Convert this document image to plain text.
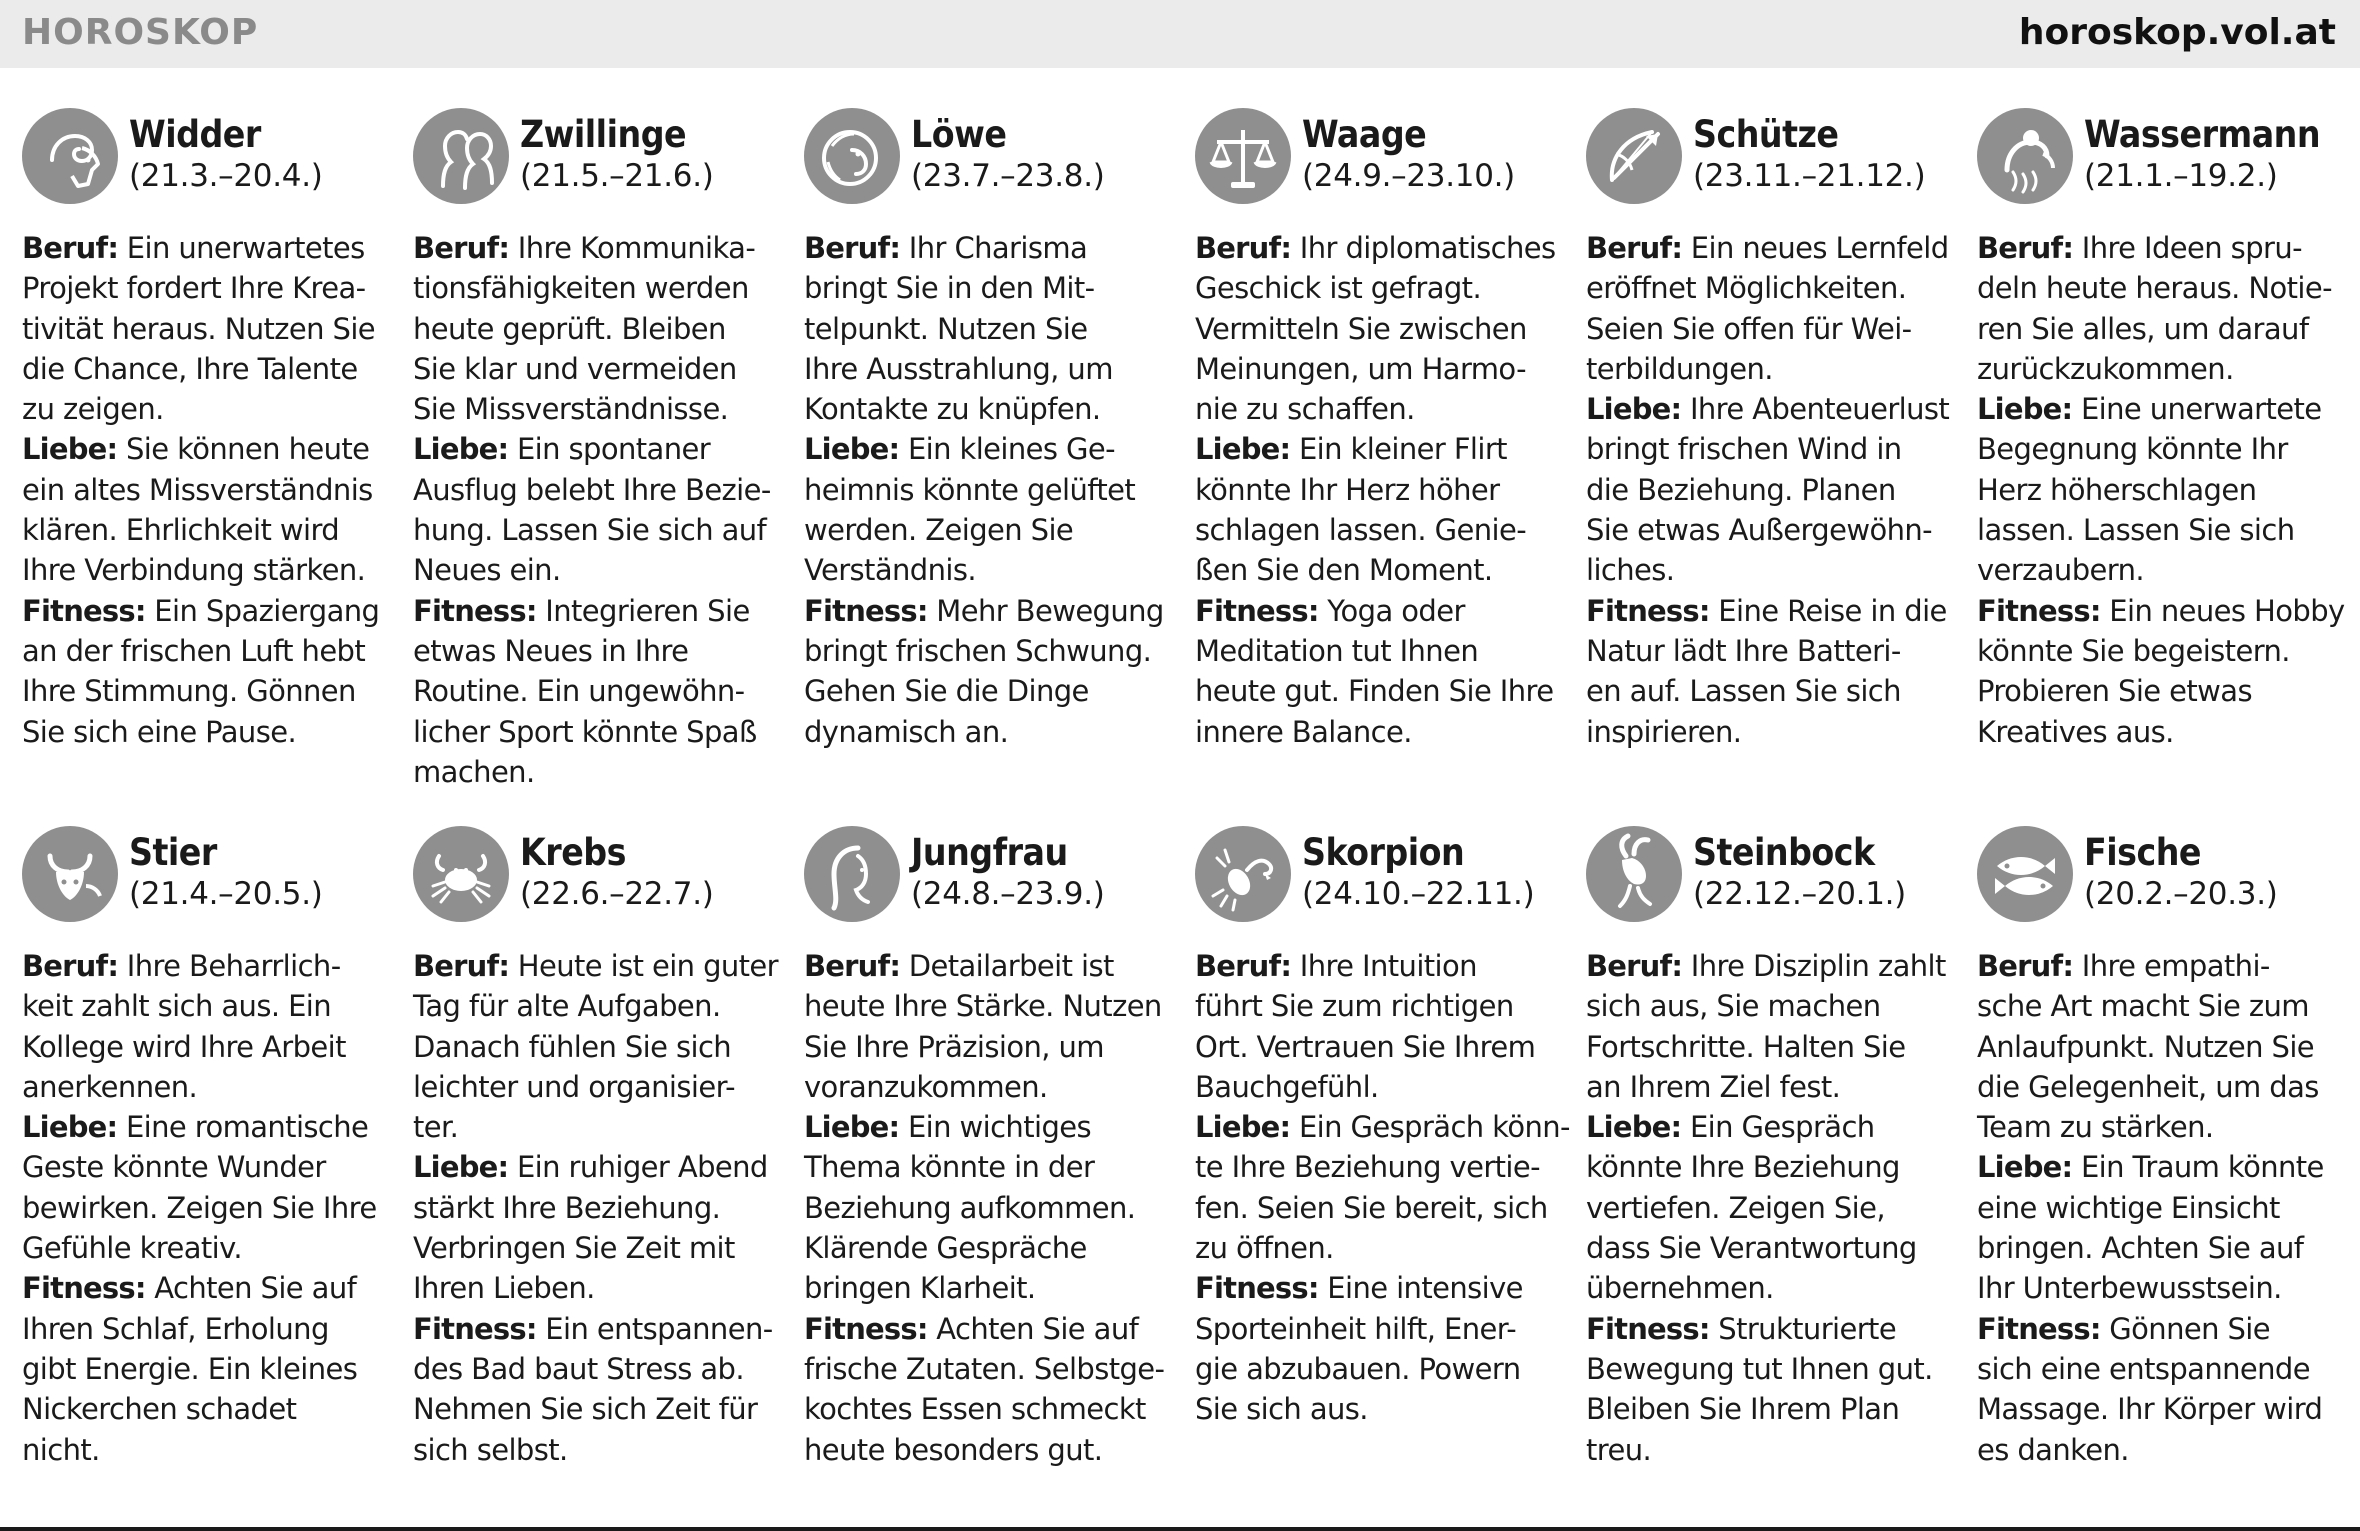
HOROSKOP	horoskop.vol.at
Widder
(21.3.–20.4.)
Beruf: Ein unerwartetes
Projekt fordert Ihre Krea-
tivität heraus. Nutzen Sie
die Chance, Ihre Talente
zu zeigen.
Liebe: Sie können heute
ein altes Missverständnis
klären. Ehrlichkeit wird
Ihre Verbindung stärken.
Fitness: Ein Spaziergang
an der frischen Luft hebt
Ihre Stimmung. Gönnen
Sie sich eine Pause.
Zwillinge
(21.5.–21.6.)
Beruf: Ihre Kommunika-
tionsfähigkeiten werden
heute geprüft. Bleiben
Sie klar und vermeiden
Sie Missverständnisse.
Liebe: Ein spontaner
Ausflug belebt Ihre Bezie-
hung. Lassen Sie sich auf
Neues ein.
Fitness: Integrieren Sie
etwas Neues in Ihre
Routine. Ein ungewöhn-
licher Sport könnte Spaß
machen.
Löwe
(23.7.–23.8.)
Beruf: Ihr Charisma
bringt Sie in den Mit-
telpunkt. Nutzen Sie
Ihre Ausstrahlung, um
Kontakte zu knüpfen.
Liebe: Ein kleines Ge-
heimnis könnte gelüftet
werden. Zeigen Sie
Verständnis.
Fitness: Mehr Bewegung
bringt frischen Schwung.
Gehen Sie die Dinge
dynamisch an.
Waage
(24.9.–23.10.)
Beruf: Ihr diplomatisches
Geschick ist gefragt.
Vermitteln Sie zwischen
Meinungen, um Harmo-
nie zu schaffen.
Liebe: Ein kleiner Flirt
könnte Ihr Herz höher
schlagen lassen. Genie-
ßen Sie den Moment.
Fitness: Yoga oder
Meditation tut Ihnen
heute gut. Finden Sie Ihre
innere Balance.
Schütze
(23.11.–21.12.)
Beruf: Ein neues Lernfeld
eröffnet Möglichkeiten.
Seien Sie offen für Wei-
terbildungen.
Liebe: Ihre Abenteuerlust
bringt frischen Wind in
die Beziehung. Planen
Sie etwas Außergewöhn-
liches.
Fitness: Eine Reise in die
Natur lädt Ihre Batteri-
en auf. Lassen Sie sich
inspirieren.
Wassermann
(21.1.–19.2.)
Beruf: Ihre Ideen spru-
deln heute heraus. Notie-
ren Sie alles, um darauf
zurückzukommen.
Liebe: Eine unerwartete
Begegnung könnte Ihr
Herz höherschlagen
lassen. Lassen Sie sich
verzaubern.
Fitness: Ein neues Hobby
könnte Sie begeistern.
Probieren Sie etwas
Kreatives aus.
Stier
(21.4.–20.5.)
Beruf: Ihre Beharrlich-
keit zahlt sich aus. Ein
Kollege wird Ihre Arbeit
anerkennen.
Liebe: Eine romantische
Geste könnte Wunder
bewirken. Zeigen Sie Ihre
Gefühle kreativ.
Fitness: Achten Sie auf
Ihren Schlaf, Erholung
gibt Energie. Ein kleines
Nickerchen schadet
nicht.
Krebs
(22.6.–22.7.)
Beruf: Heute ist ein guter
Tag für alte Aufgaben.
Danach fühlen Sie sich
leichter und organisier-
ter.
Liebe: Ein ruhiger Abend
stärkt Ihre Beziehung.
Verbringen Sie Zeit mit
Ihren Lieben.
Fitness: Ein entspannen-
des Bad baut Stress ab.
Nehmen Sie sich Zeit für
sich selbst.
Jungfrau
(24.8.–23.9.)
Beruf: Detailarbeit ist
heute Ihre Stärke. Nutzen
Sie Ihre Präzision, um
voranzukommen.
Liebe: Ein wichtiges
Thema könnte in der
Beziehung aufkommen.
Klärende Gespräche
bringen Klarheit.
Fitness: Achten Sie auf
frische Zutaten. Selbstge-
kochtes Essen schmeckt
heute besonders gut.
Skorpion
(24.10.–22.11.)
Beruf: Ihre Intuition
führt Sie zum richtigen
Ort. Vertrauen Sie Ihrem
Bauchgefühl.
Liebe: Ein Gespräch könn-
te Ihre Beziehung vertie-
fen. Seien Sie bereit, sich
zu öffnen.
Fitness: Eine intensive
Sporteinheit hilft, Ener-
gie abzubauen. Powern
Sie sich aus.
Steinbock
(22.12.–20.1.)
Beruf: Ihre Disziplin zahlt
sich aus, Sie machen
Fortschritte. Halten Sie
an Ihrem Ziel fest.
Liebe: Ein Gespräch
könnte Ihre Beziehung
vertiefen. Zeigen Sie,
dass Sie Verantwortung
übernehmen.
Fitness: Strukturierte
Bewegung tut Ihnen gut.
Bleiben Sie Ihrem Plan
treu.
Fische
(20.2.–20.3.)
Beruf: Ihre empathi-
sche Art macht Sie zum
Anlaufpunkt. Nutzen Sie
die Gelegenheit, um das
Team zu stärken.
Liebe: Ein Traum könnte
eine wichtige Einsicht
bringen. Achten Sie auf
Ihr Unterbewusstsein.
Fitness: Gönnen Sie
sich eine entspannende
Massage. Ihr Körper wird
es danken.
